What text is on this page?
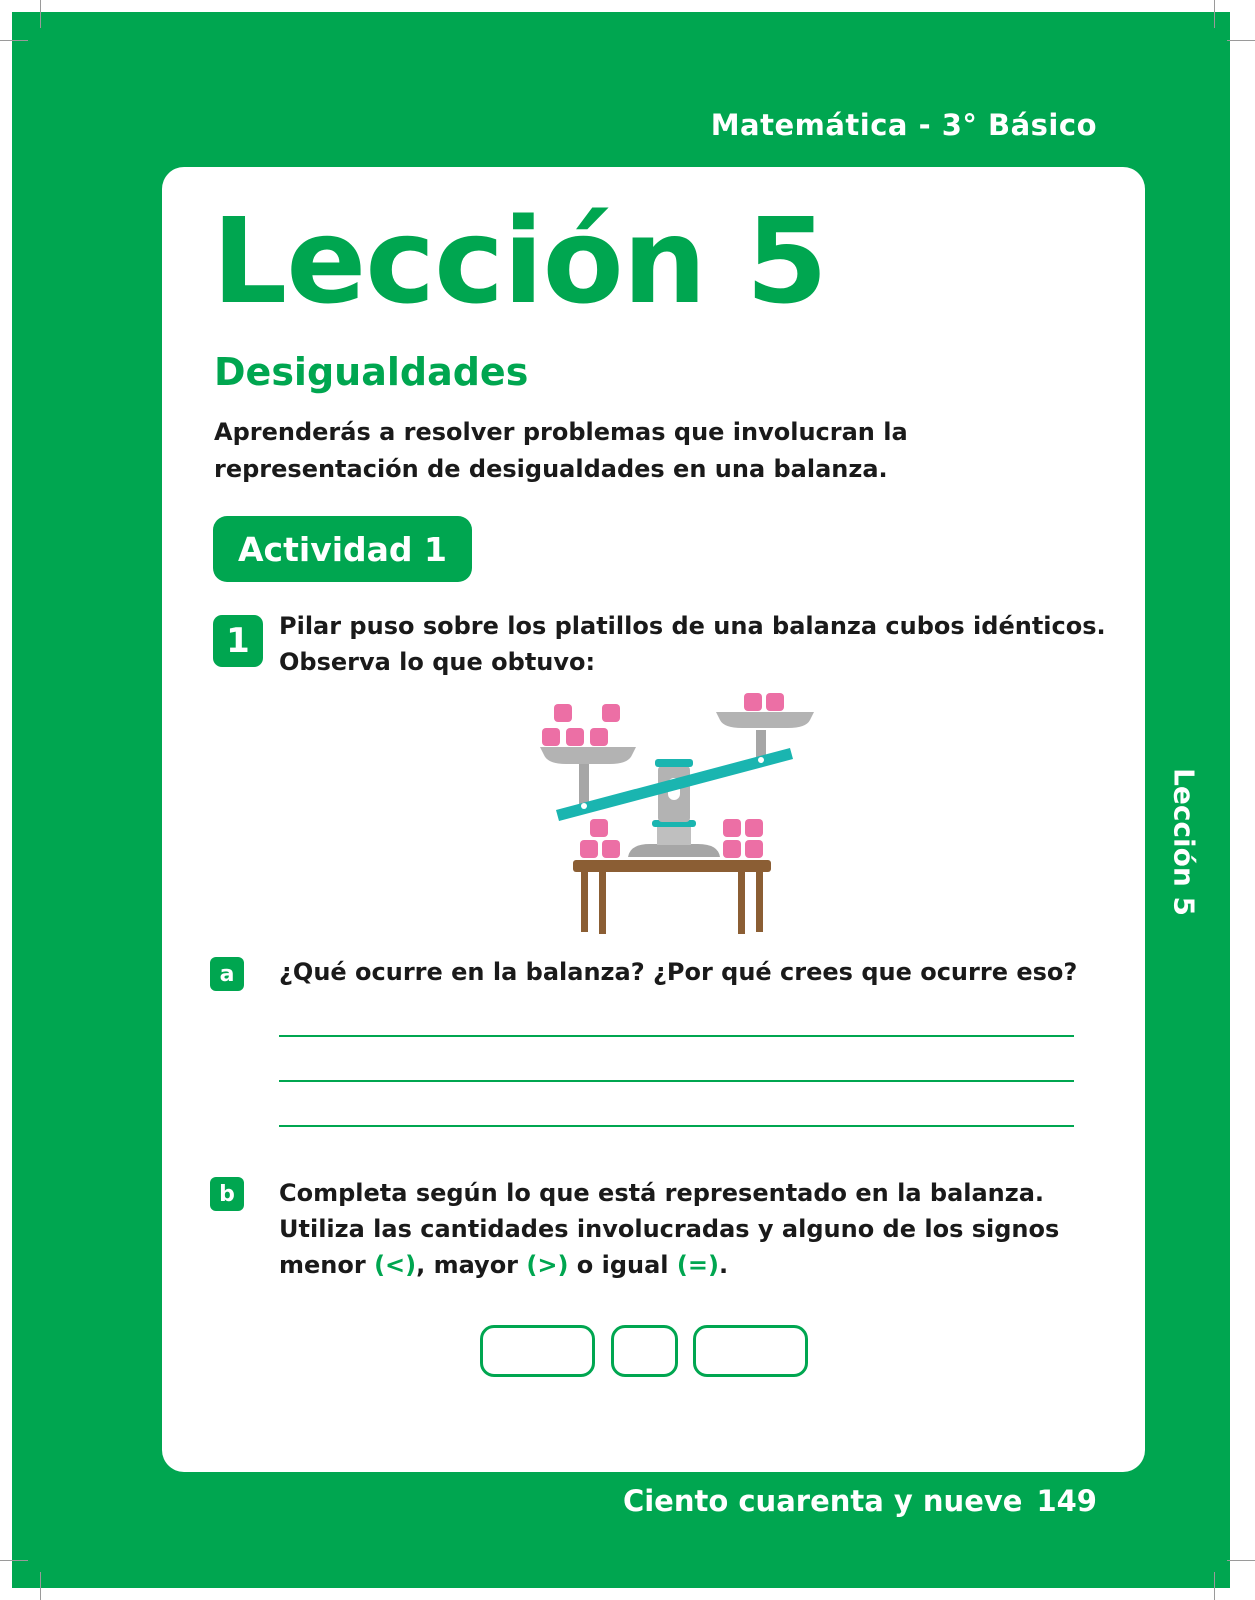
Matemática - 3° Básico
Lección 5
Desigualdades
Aprenderás a resolver problemas que involucran la representación de desigualdades en una balanza.
Actividad 1
1	Pilar puso sobre los platillos de una balanza cubos idénticos. Observa lo que obtuvo:
a	¿Qué ocurre en la balanza? ¿Por qué crees que ocurre eso?
b	Completa según lo que está representado en la balanza. Utiliza las cantidades involucradas y alguno de los signos menor (<), mayor (>) o igual (=).
Lección 5
Ciento cuarenta y nueve 149
